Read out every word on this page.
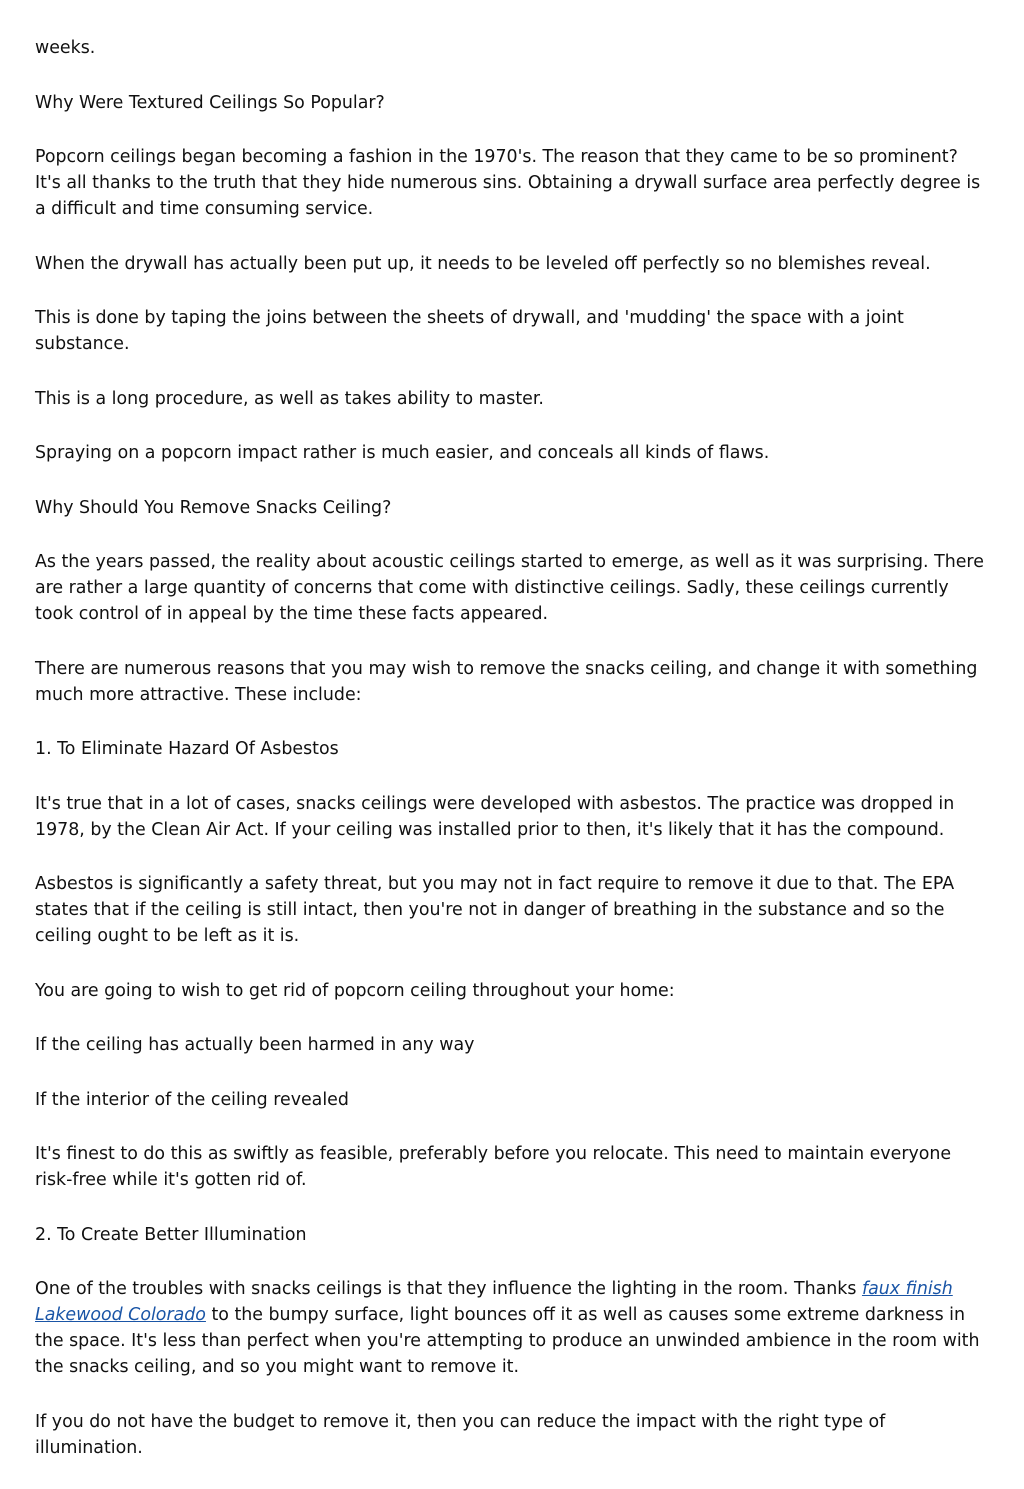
weeks.

Why Were Textured Ceilings So Popular?

Popcorn ceilings began becoming a fashion in the 1970's. The reason that they came to be so prominent? It's all thanks to the truth that they hide numerous sins. Obtaining a drywall surface area perfectly degree is a difficult and time consuming service.

When the drywall has actually been put up, it needs to be leveled off perfectly so no blemishes reveal.

This is done by taping the joins between the sheets of drywall, and 'mudding' the space with a joint substance.

This is a long procedure, as well as takes ability to master.

Spraying on a popcorn impact rather is much easier, and conceals all kinds of flaws.

Why Should You Remove Snacks Ceiling?

As the years passed, the reality about acoustic ceilings started to emerge, as well as it was surprising. There are rather a large quantity of concerns that come with distinctive ceilings. Sadly, these ceilings currently took control of in appeal by the time these facts appeared.

There are numerous reasons that you may wish to remove the snacks ceiling, and change it with something much more attractive. These include:

1. To Eliminate Hazard Of Asbestos

It's true that in a lot of cases, snacks ceilings were developed with asbestos. The practice was dropped in 1978, by the Clean Air Act. If your ceiling was installed prior to then, it's likely that it has the compound.

Asbestos is significantly a safety threat, but you may not in fact require to remove it due to that. The EPA states that if the ceiling is still intact, then you're not in danger of breathing in the substance and so the ceiling ought to be left as it is.

You are going to wish to get rid of popcorn ceiling throughout your home:

If the ceiling has actually been harmed in any way

If the interior of the ceiling revealed

It's finest to do this as swiftly as feasible, preferably before you relocate. This need to maintain everyone risk-free while it's gotten rid of.

2. To Create Better Illumination

One of the troubles with snacks ceilings is that they influence the lighting in the room. Thanks faux finish Lakewood Colorado to the bumpy surface, light bounces off it as well as causes some extreme darkness in the space. It's less than perfect when you're attempting to produce an unwinded ambience in the room with the snacks ceiling, and so you might want to remove it.

If you do not have the budget to remove it, then you can reduce the impact with the right type of illumination.
